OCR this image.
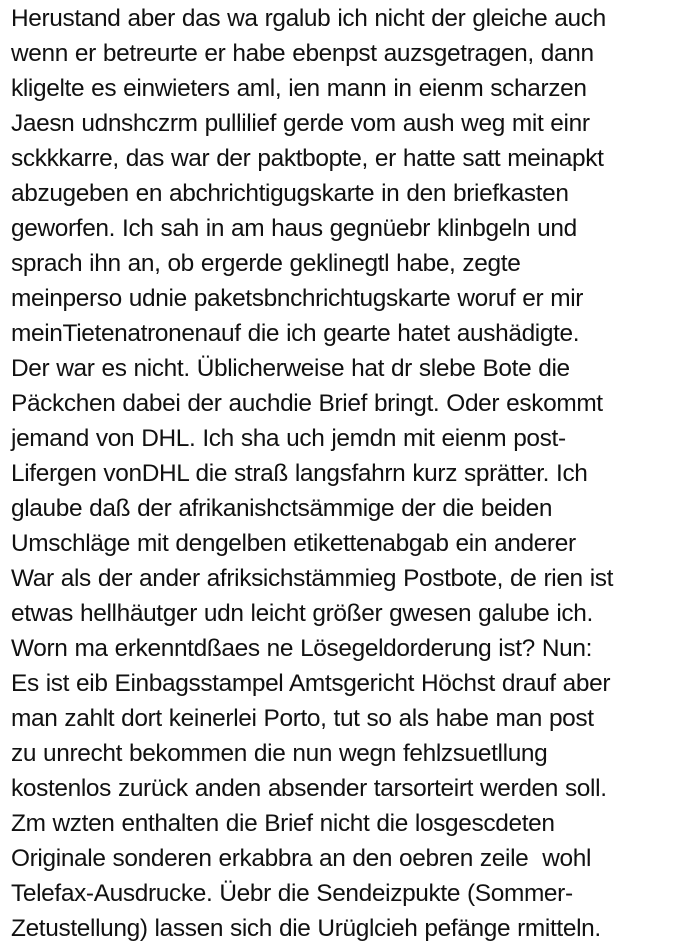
Herustand aber das wa rgalub ich nicht der gleiche auch
wenn er betreurte er habe ebenpst auzsgetragen, dann
kligelte es einwieters aml, ien mann in eienm scharzen
Jaesn udnshczrm pullilief gerde vom aush weg mit einr
sckkkarre, das war der paktbopte, er hatte satt meinapkt
abzugeben en abchrichtigugskarte in den briefkasten
geworfen. Ich sah in am haus gegnüebr klinbgeln und
sprach ihn an, ob ergerde geklinegtl habe, zegte
meinperso udnie paketsbnchrichtugskarte woruf er mir
meinTietenatronenauf die ich gearte hatet aushädigte.
Der war es nicht. Üblicherweise hat dr slebe Bote die
Päckchen dabei der auchdie Brief bringt. Oder eskommt
jemand von DHL. Ich sha uch jemdn mit eienm post-
Lifergen vonDHL die straß langsfahrn kurz sprätter. Ich
glaube daß der afrikanishctsämmige der die beiden
Umschläge mit dengelben etikettenabgab ein anderer
War als der ander afriksichstämmieg Postbote, de rien ist
etwas hellhäutger udn leicht größer gwesen galube ich.
Worn ma erkenntdßaes ne Lösegeldorderung ist? Nun:
Es ist eib Einbagsstampel Amtsgericht Höchst drauf aber
man zahlt dort keinerlei Porto, tut so als habe man post
zu unrecht bekommen die nun wegn fehlzsuetllung
kostenlos zurück anden absender tarsorteirt werden soll.
Zm wzten enthalten die Brief nicht die losgescdeten
Originale sonderen erkabbra an den oebren zeile  wohl
Telefax-Ausdrucke. Üebr die Sendeizpukte (Sommer-
Zetustellung) lassen sich die Urüglcieh pefänge rmitteln.
